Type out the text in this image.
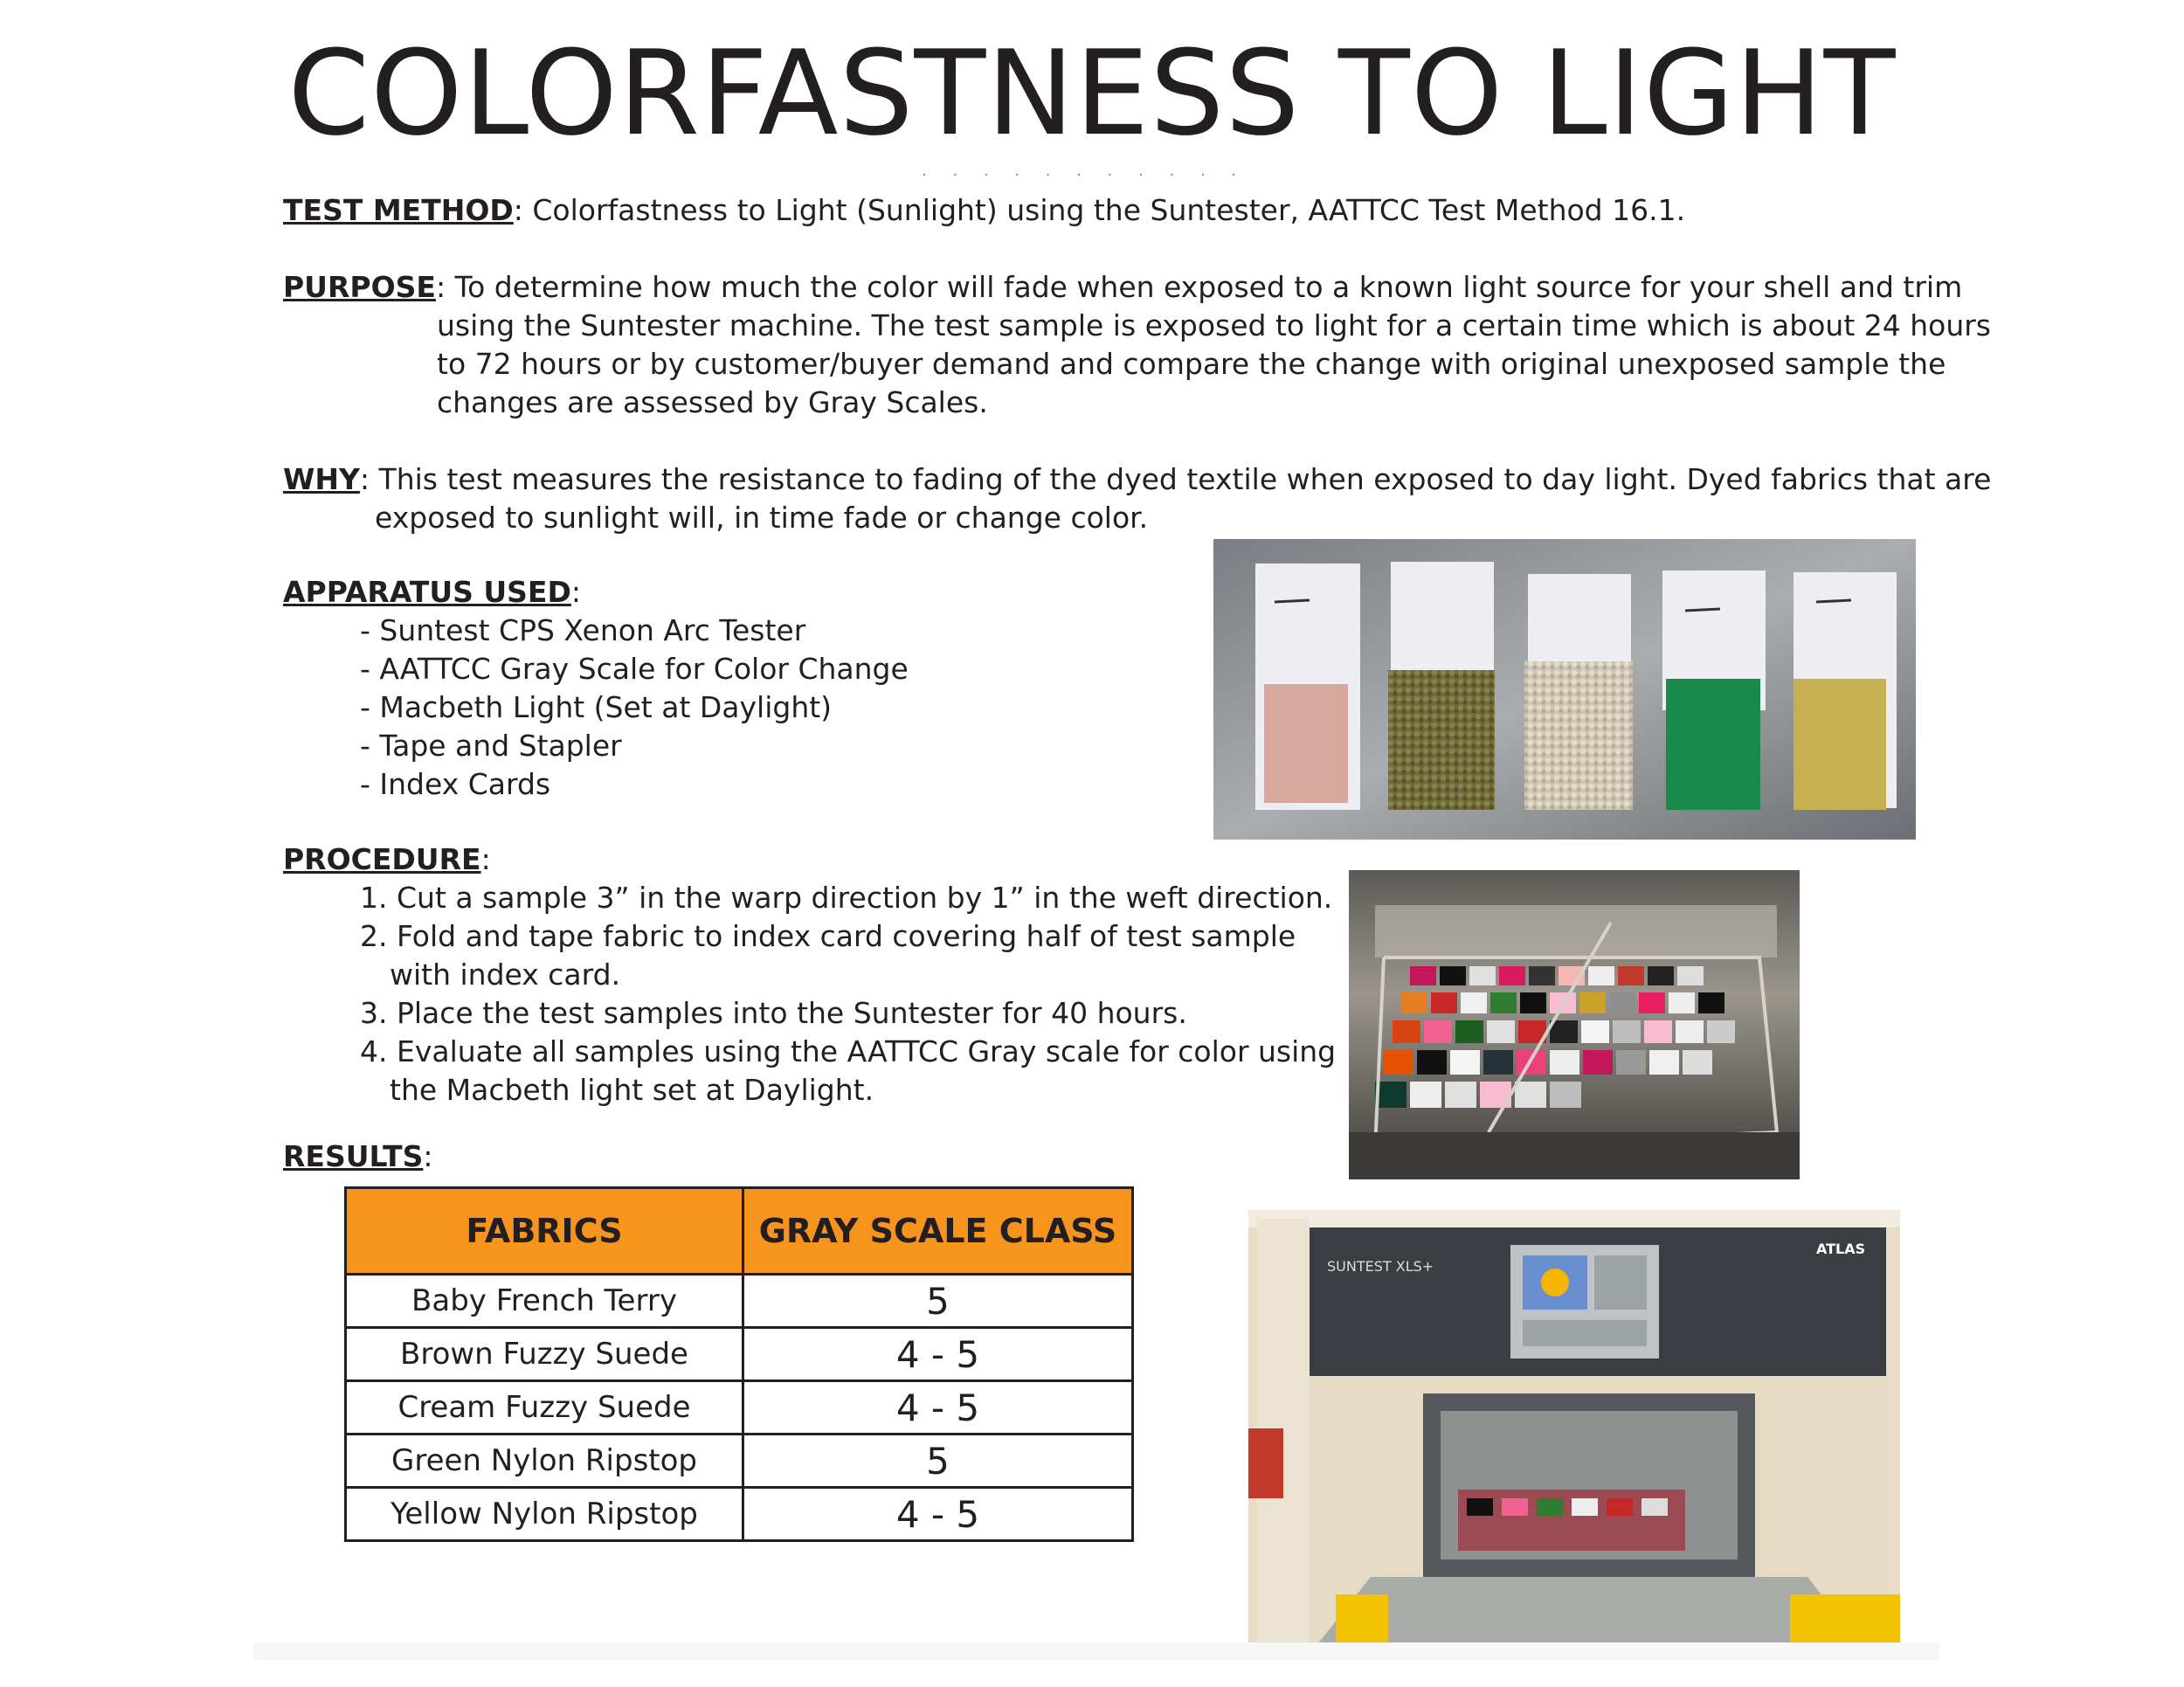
COLORFASTNESS TO LIGHT
· · · · · · · · · · ·
TEST METHOD: Colorfastness to Light (Sunlight) using the Suntester, AATTCC Test Method 16.1.
PURPOSE: To determine how much the color will fade when exposed to a known light source for your shell and trim
using the Suntester machine. The test sample is exposed to light for a certain time which is about 24 hours
to 72 hours or by customer/buyer demand and compare the change with original unexposed sample the
changes are assessed by Gray Scales.
WHY: This test measures the resistance to fading of the dyed textile when exposed to day light. Dyed fabrics that are
exposed to sunlight will, in time fade or change color.
APPARATUS USED:
- Suntest CPS Xenon Arc Tester
- AATTCC Gray Scale for Color Change
- Macbeth Light (Set at Daylight)
- Tape and Stapler
- Index Cards
PROCEDURE:
1. Cut a sample 3” in the warp direction by 1” in the weft direction.
2. Fold and tape fabric to index card covering half of test sample
with index card.
3. Place the test samples into the Suntester for 40 hours.
4. Evaluate all samples using the AATTCC Gray scale for color using
the Macbeth light set at Daylight.
RESULTS:
FABRICS	GRAY SCALE CLASS
Baby French Terry	5
Brown Fuzzy Suede	4 - 5
Cream Fuzzy Suede	4 - 5
Green Nylon Ripstop	5
Yellow Nylon Ripstop	4 - 5
SUNTEST XLS+
ATLAS
